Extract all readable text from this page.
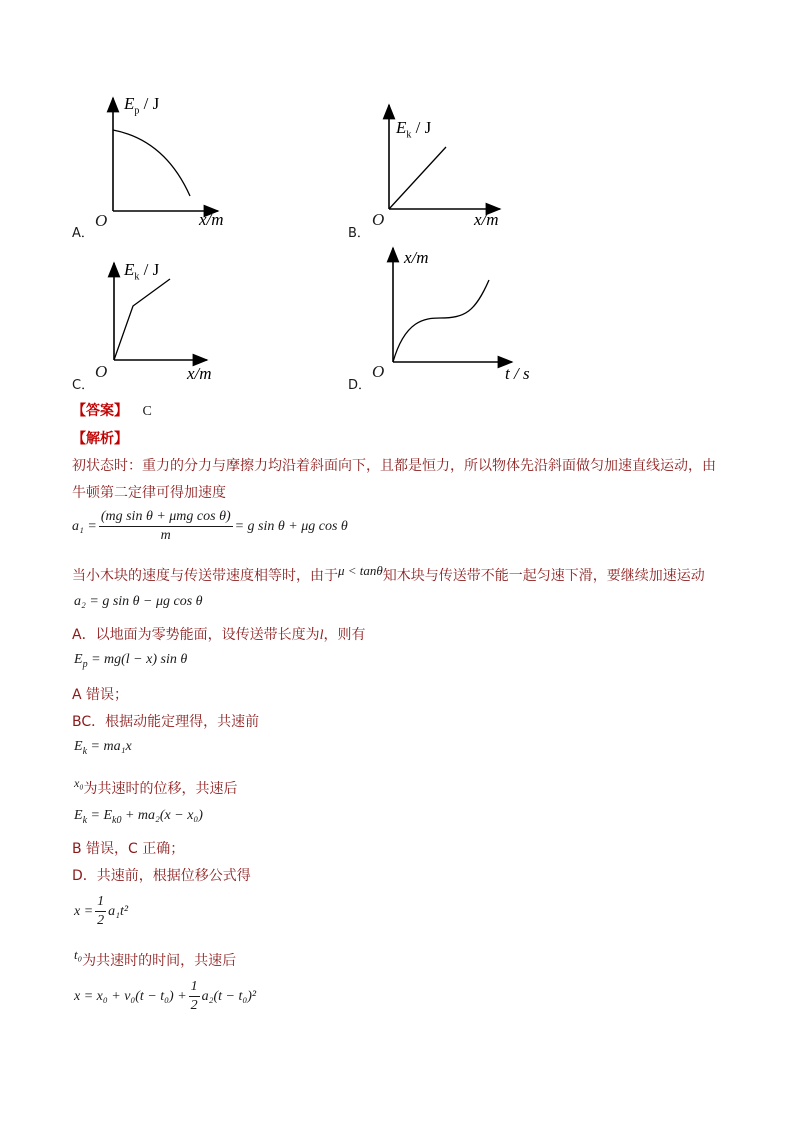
$E_p$ / J
O	x/m
A．
$E_k$ / J
O	x/m
B．
$E_k$ / J
O	x/m
C．
x/m
O	t / s
D．
【答案】 C
【解析】
初状态时：重力的分力与摩擦力均沿着斜面向下，且都是恒力，所以物体先沿斜面做匀加速直线运动，由
牛顿第二定律可得加速度
$a_1 = \frac{\text{(mg sin θ + μmg cos θ)}}{m} = g$ sin θ + μg cos θ
当小木块的速度与传送带速度相等时，由于μ < tanθ知木块与传送带不能一起匀速下滑，要继续加速运动
a₂ = g sin θ − μg cos θ
A．以地面为零势能面，设传送带长度为l，则有
$E_p = mg(l - x)$ sin θ
A 错误；
BC．根据动能定理得，共速前
$E_k = ma_1x$
x₀为共速时的位移，共速后
$E_k = E_{k0} + ma_2(x - x_0)$
B 错误，C 正确；
D．共速前，根据位移公式得
$x = \frac{1}{2} a_1t^2$
t₀为共速时的时间，共速后
$x = x_0 + v_0(t - t_0) + \frac{1}{2} a_2(t - t_0)^2$
